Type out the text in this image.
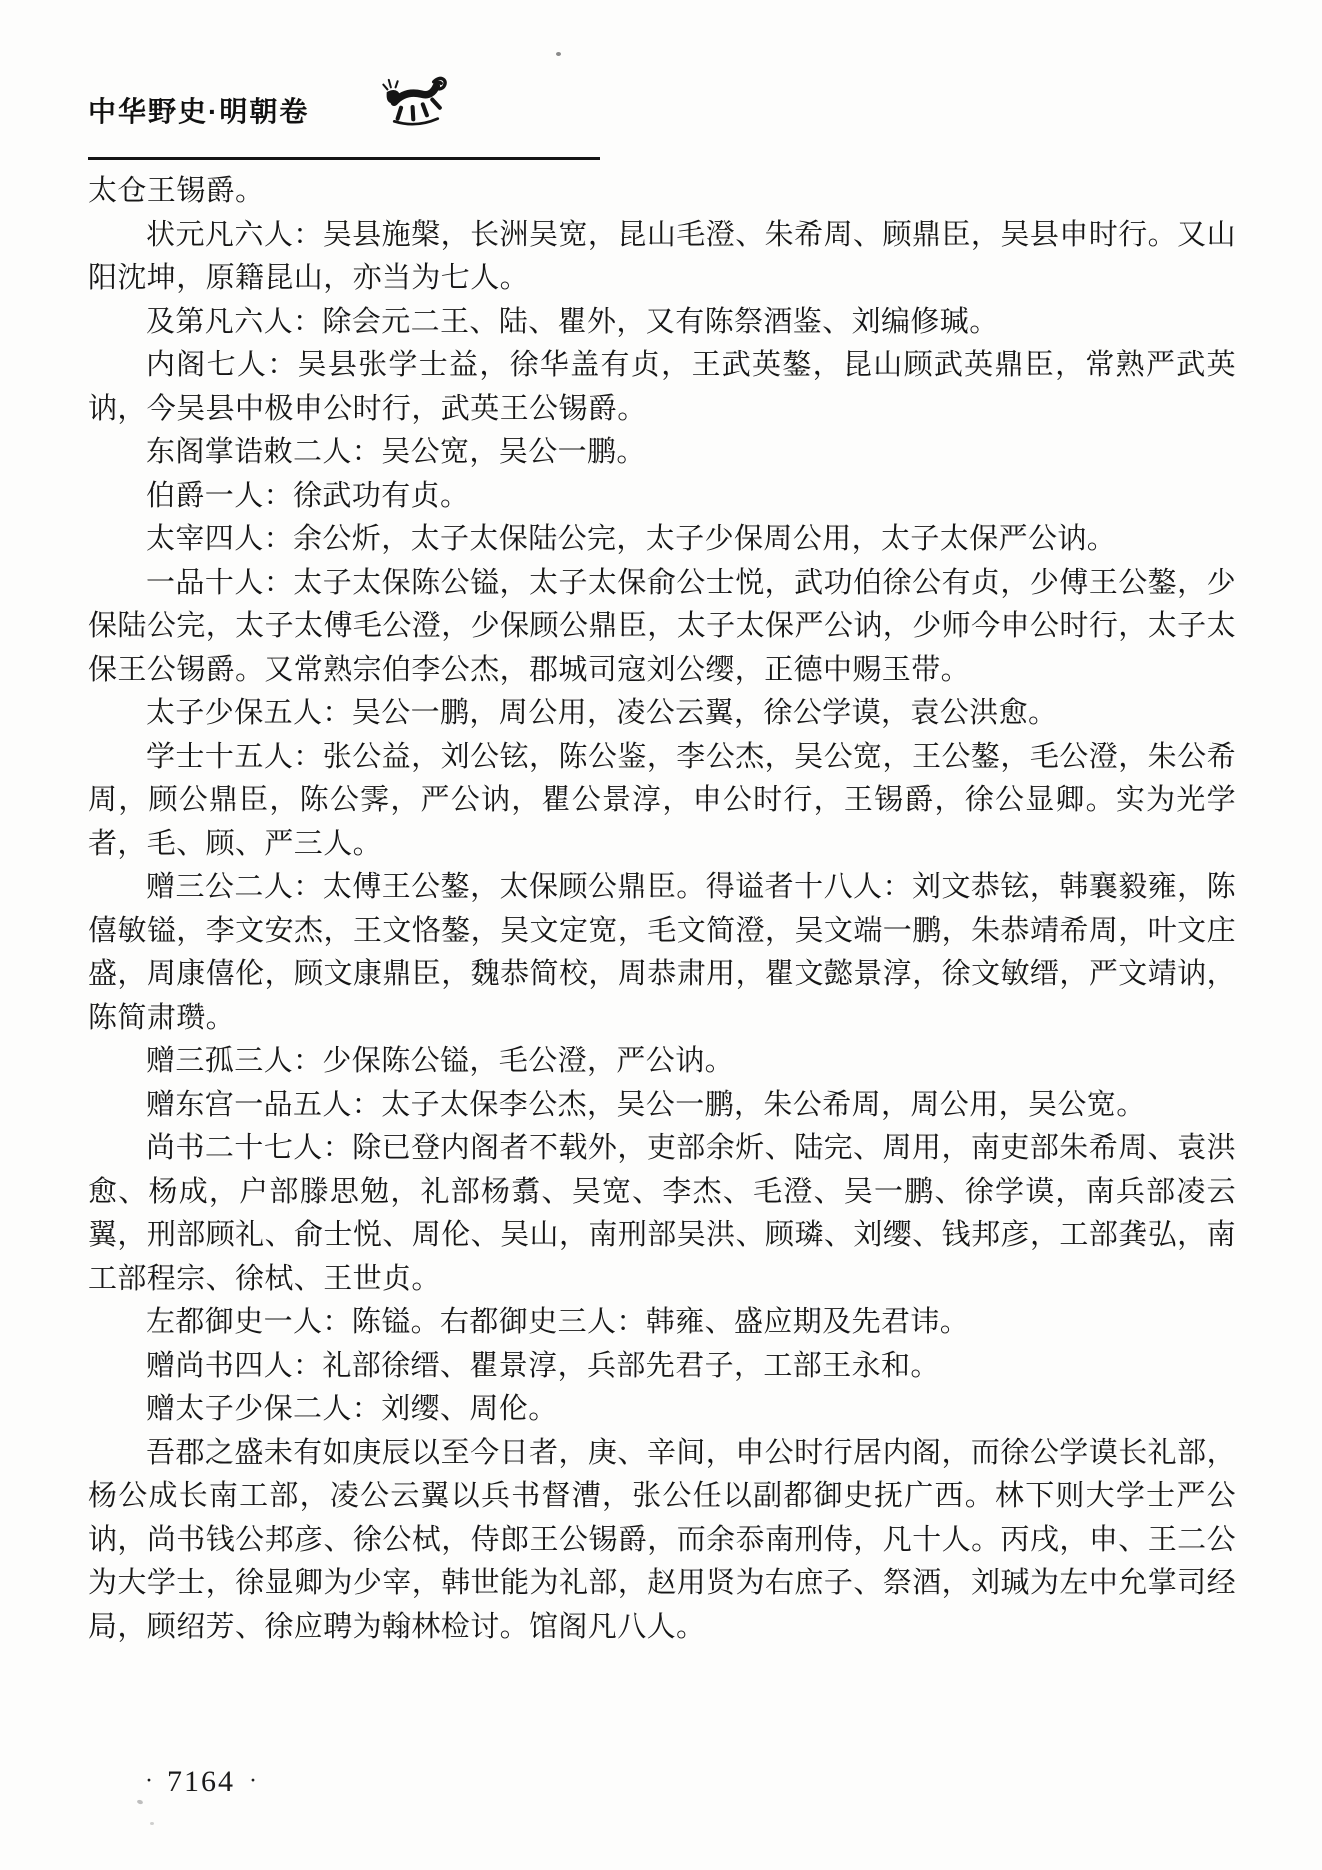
中华野史·明朝卷

太仓王锡爵。

状元凡六人：吴县施槃，长洲吴宽，昆山毛澄、朱希周、顾鼎臣，吴县申时行。又山阳沈坤，原籍昆山，亦当为七人。

及第凡六人：除会元二王、陆、瞿外，又有陈祭酒鉴、刘编修瑊。

内阁七人：吴县张学士益，徐华盖有贞，王武英鏊，昆山顾武英鼎臣，常熟严武英讷，今吴县中极申公时行，武英王公锡爵。

东阁掌诰敕二人：吴公宽，吴公一鹏。

伯爵一人：徐武功有贞。

太宰四人：余公炘，太子太保陆公完，太子少保周公用，太子太保严公讷。

一品十人：太子太保陈公镒，太子太保俞公士悦，武功伯徐公有贞，少傅王公鏊，少保陆公完，太子太傅毛公澄，少保顾公鼎臣，太子太保严公讷，少师今申公时行，太子太保王公锡爵。又常熟宗伯李公杰，郡城司寇刘公缨，正德中赐玉带。

太子少保五人：吴公一鹏，周公用，凌公云翼，徐公学谟，袁公洪愈。

学士十五人：张公益，刘公铉，陈公鉴，李公杰，吴公宽，王公鏊，毛公澄，朱公希周，顾公鼎臣，陈公霁，严公讷，瞿公景淳，申公时行，王锡爵，徐公显卿。实为光学者，毛、顾、严三人。

赠三公二人：太傅王公鏊，太保顾公鼎臣。得谥者十八人：刘文恭铉，韩襄毅雍，陈僖敏镒，李文安杰，王文恪鏊，吴文定宽，毛文简澄，吴文端一鹏，朱恭靖希周，叶文庄盛，周康僖伦，顾文康鼎臣，魏恭简校，周恭肃用，瞿文懿景淳，徐文敏缙，严文靖讷，陈简肃瓒。

赠三孤三人：少保陈公镒，毛公澄，严公讷。

赠东宫一品五人：太子太保李公杰，吴公一鹏，朱公希周，周公用，吴公宽。

尚书二十七人：除已登内阁者不载外，吏部余炘、陆完、周用，南吏部朱希周、袁洪愈、杨成，户部滕思勉，礼部杨翥、吴宽、李杰、毛澄、吴一鹏、徐学谟，南兵部凌云翼，刑部顾礼、俞士悦、周伦、吴山，南刑部吴洪、顾璘、刘缨、钱邦彦，工部龚弘，南工部程宗、徐栻、王世贞。

左都御史一人：陈镒。右都御史三人：韩雍、盛应期及先君讳。

赠尚书四人：礼部徐缙、瞿景淳，兵部先君子，工部王永和。

赠太子少保二人：刘缨、周伦。

吾郡之盛未有如庚辰以至今日者，庚、辛间，申公时行居内阁，而徐公学谟长礼部，杨公成长南工部，凌公云翼以兵书督漕，张公任以副都御史抚广西。林下则大学士严公讷，尚书钱公邦彦、徐公栻，侍郎王公锡爵，而余忝南刑侍，凡十人。丙戌，申、王二公为大学士，徐显卿为少宰，韩世能为礼部，赵用贤为右庶子、祭酒，刘瑊为左中允掌司经局，顾绍芳、徐应聘为翰林检讨。馆阁凡八人。

· 7164 ·
